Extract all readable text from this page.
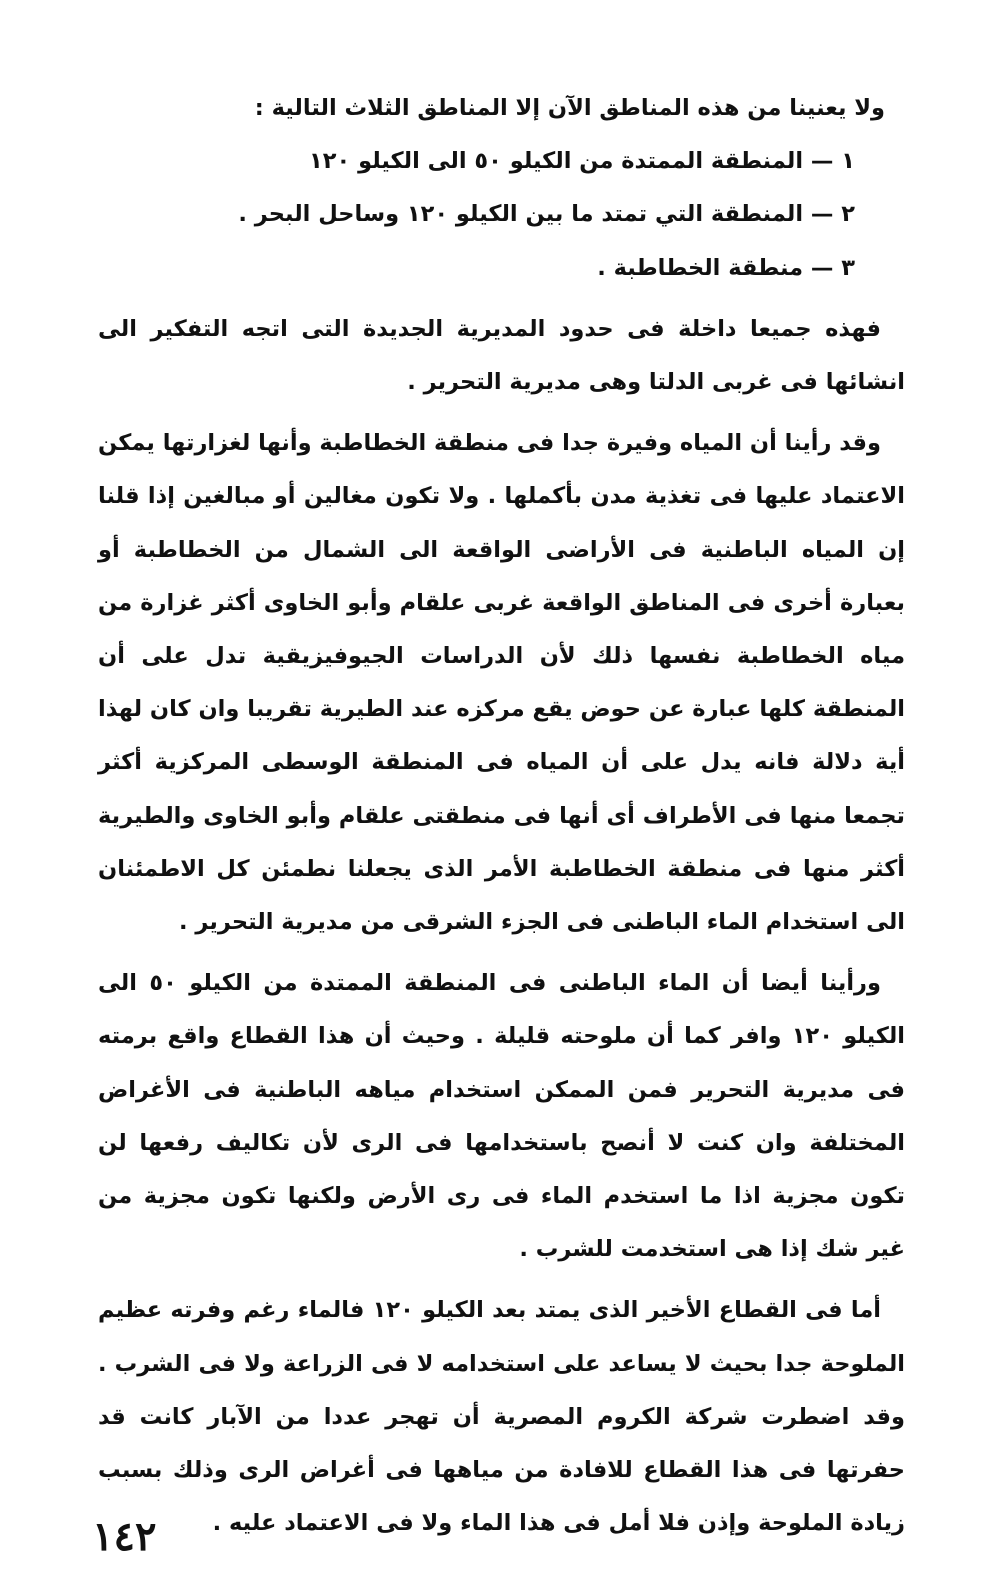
ولا يعنينا من هذه المناطق الآن إلا المناطق الثلاث التالية :
١ — المنطقة الممتدة من الكيلو ٥٠ الى الكيلو ١٢٠
٢ — المنطقة التي تمتد ما بين الكيلو ١٢٠ وساحل البحر .
٣ — منطقة الخطاطبة .

فهذه جميعا داخلة فى حدود المديرية الجديدة التى اتجه التفكير الى انشائها فى غربى الدلتا وهى مديرية التحرير .

وقد رأينا أن المياه وفيرة جدا فى منطقة الخطاطبة وأنها لغزارتها يمكن الاعتماد عليها فى تغذية مدن بأكملها . ولا تكون مغالين أو مبالغين إذا قلنا إن المياه الباطنية فى الأراضى الواقعة الى الشمال من الخطاطبة أو بعبارة أخرى فى المناطق الواقعة غربى علقام وأبو الخاوى أكثر غزارة من مياه الخطاطبة نفسها ذلك لأن الدراسات الجيوفيزيقية تدل على أن المنطقة كلها عبارة عن حوض يقع مركزه عند الطيرية تقريبا وان كان لهذا أية دلالة فانه يدل على أن المياه فى المنطقة الوسطى المركزية أكثر تجمعا منها فى الأطراف أى أنها فى منطقتى علقام وأبو الخاوى والطيرية أكثر منها فى منطقة الخطاطبة الأمر الذى يجعلنا نطمئن كل الاطمئنان الى استخدام الماء الباطنى فى الجزء الشرقى من مديرية التحرير .

ورأينا أيضا أن الماء الباطنى فى المنطقة الممتدة من الكيلو ٥٠ الى الكيلو ١٢٠ وافر كما أن ملوحته قليلة . وحيث أن هذا القطاع واقع برمته فى مديرية التحرير فمن الممكن استخدام مياهه الباطنية فى الأغراض المختلفة وان كنت لا أنصح باستخدامها فى الرى لأن تكاليف رفعها لن تكون مجزية اذا ما استخدم الماء فى رى الأرض ولكنها تكون مجزية من غير شك إذا هى استخدمت للشرب .

أما فى القطاع الأخير الذى يمتد بعد الكيلو ١٢٠ فالماء رغم وفرته عظيم الملوحة جدا بحيث لا يساعد على استخدامه لا فى الزراعة ولا فى الشرب . وقد اضطرت شركة الكروم المصرية أن تهجر عددا من الآبار كانت قد حفرتها فى هذا القطاع للافادة من مياهها فى أغراض الرى وذلك بسبب زيادة الملوحة وإذن فلا أمل فى هذا الماء ولا فى الاعتماد عليه .

١٤٢
